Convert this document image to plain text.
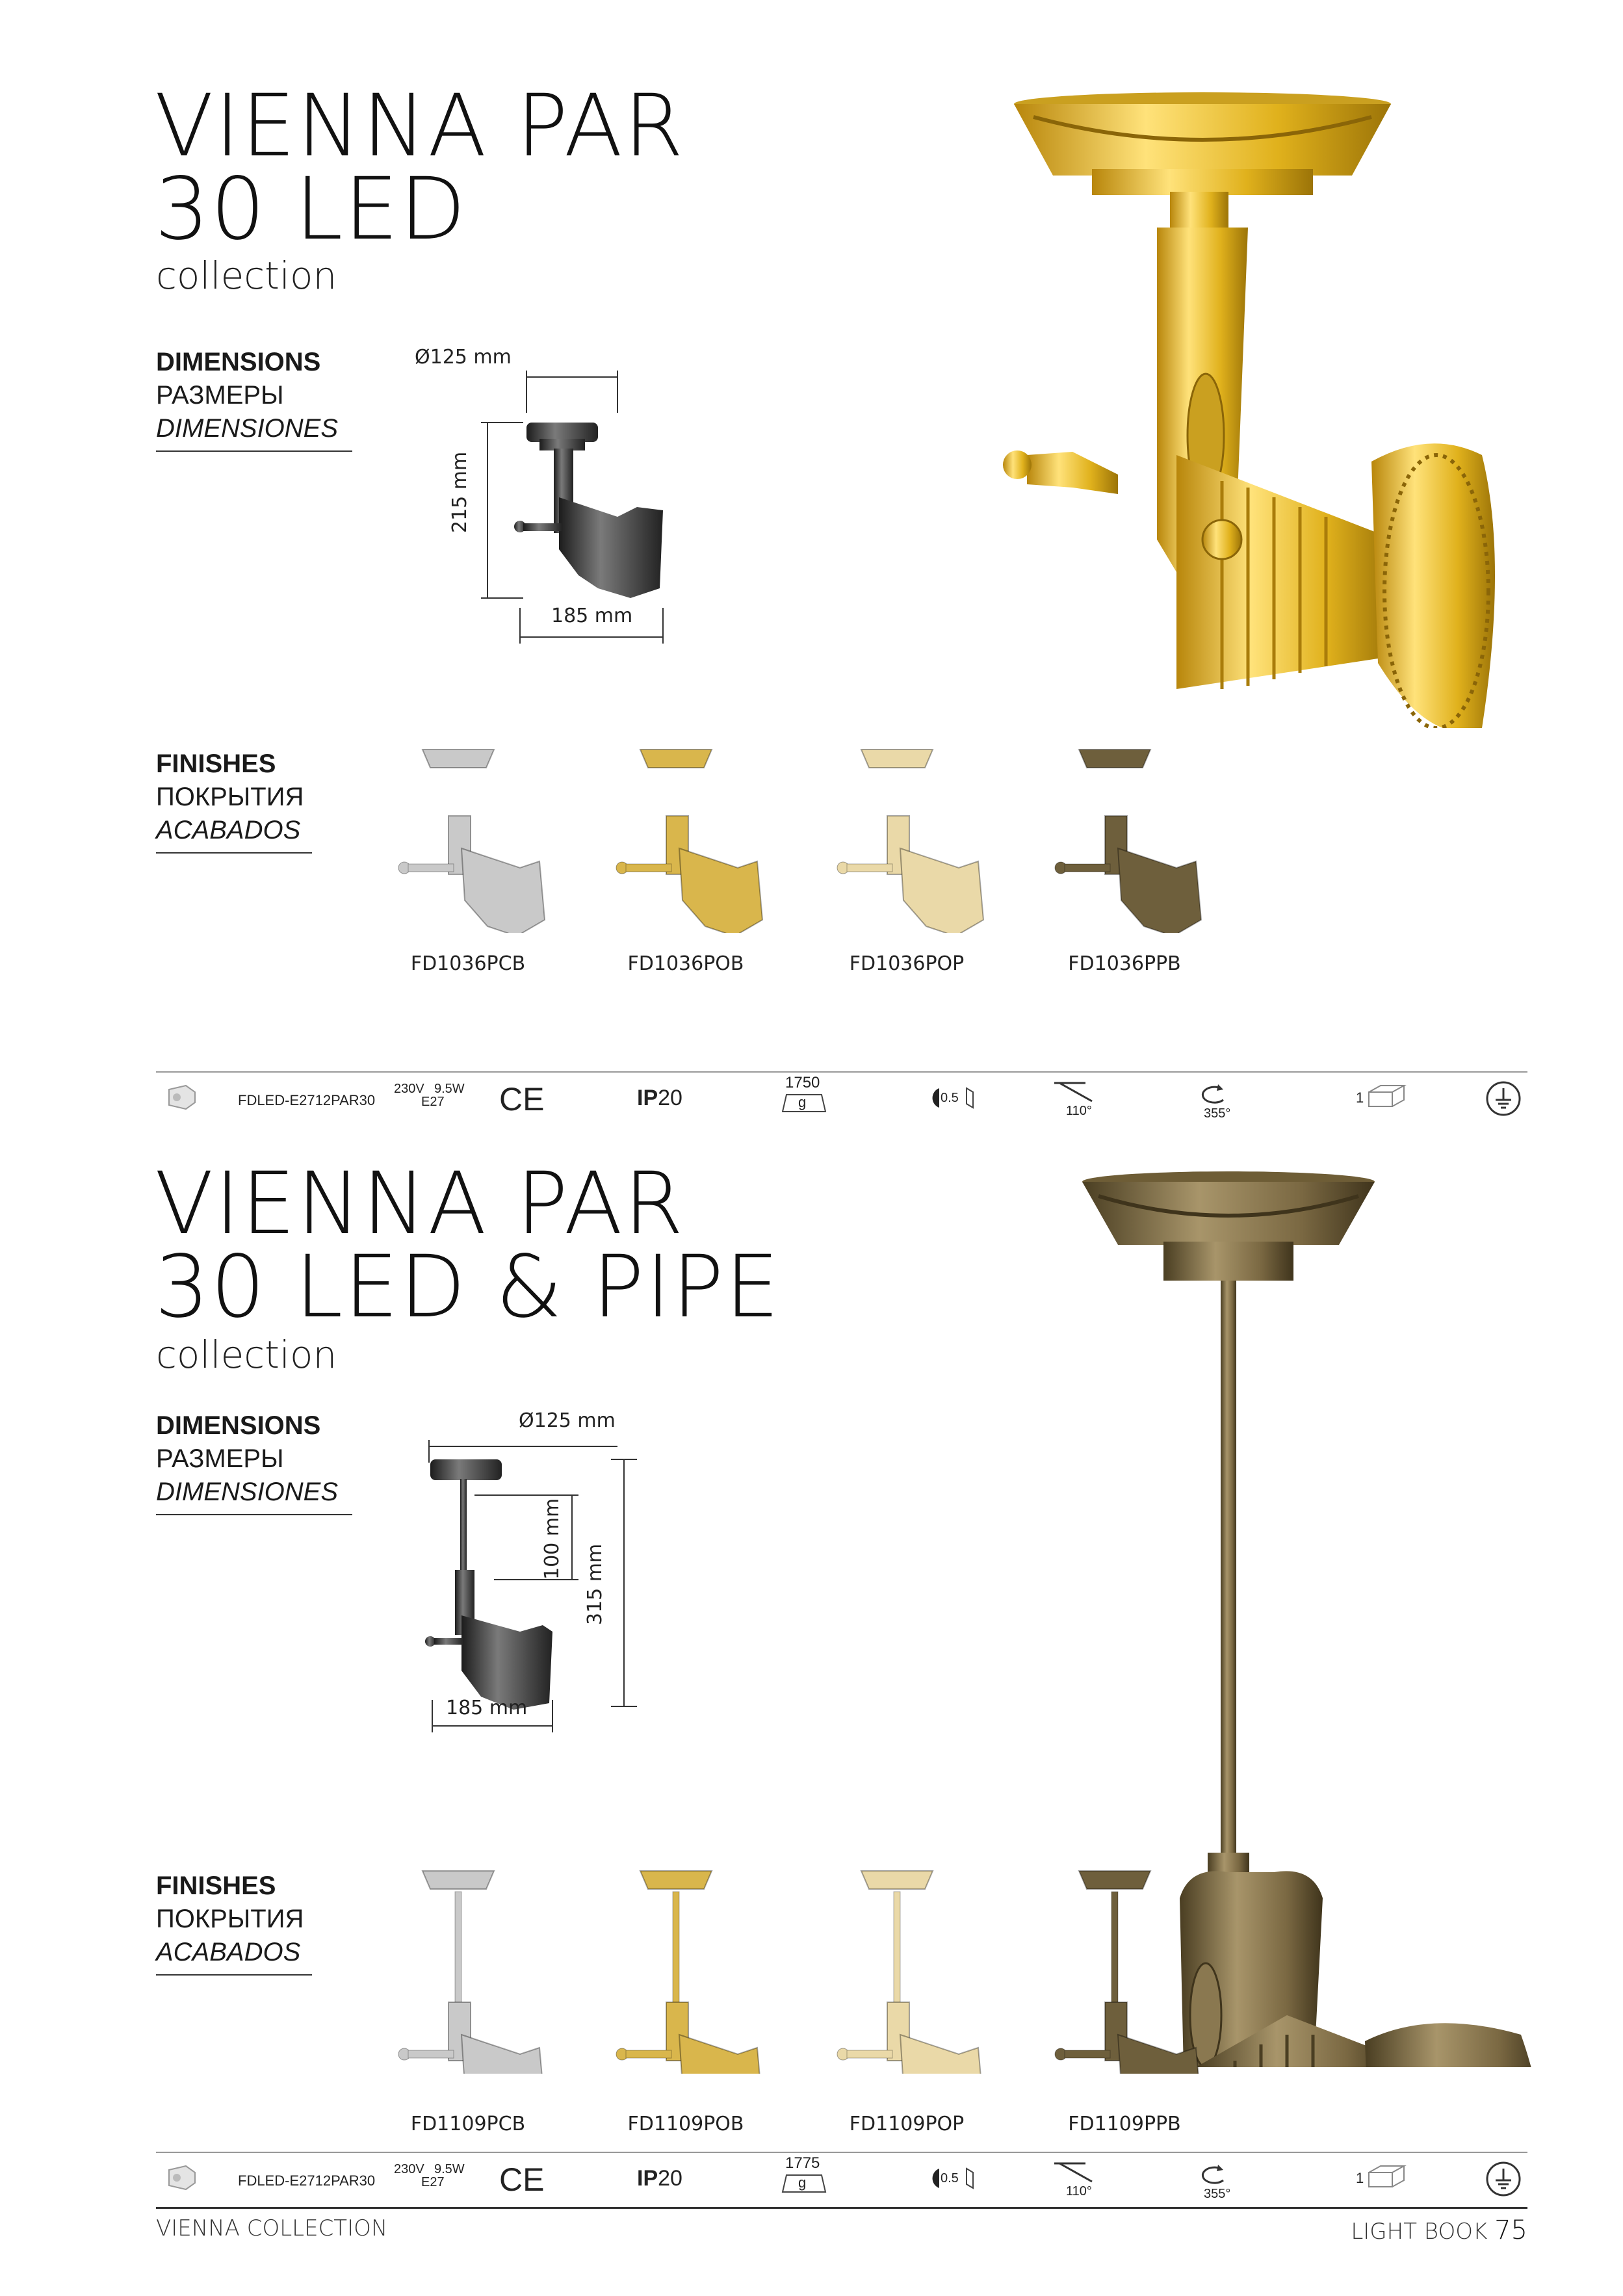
VIENNA PAR
30 LED
collection
DIMENSIONS
РАЗМЕРЫ
DIMENSIONES
Ø125 mm
215 mm
185 mm
FINISHES
ПОКРЫТИЯ
ACABADOS
FD1036PCB	FD1036POB	FD1036POP	FD1036PPB
FDLED-E2712PAR30
230V 9.5W
E27 CE	IP20
1750
g	0.5
110°	355°
1
VIENNA PAR
30 LED & PIPE
collection
DIMENSIONS
РАЗМЕРЫ
DIMENSIONES
Ø125 mm
100 mm
315 mm
185 mm
FINISHES
ПОКРЫТИЯ
ACABADOS
FD1109PCB	FD1109POB	FD1109POP	FD1109PPB
FDLED-E2712PAR30
230V 9.5W
E27 CE	IP20
1775
g	0.5
110°	355°
1
VIENNA COLLECTION	LIGHT BOOK 75
